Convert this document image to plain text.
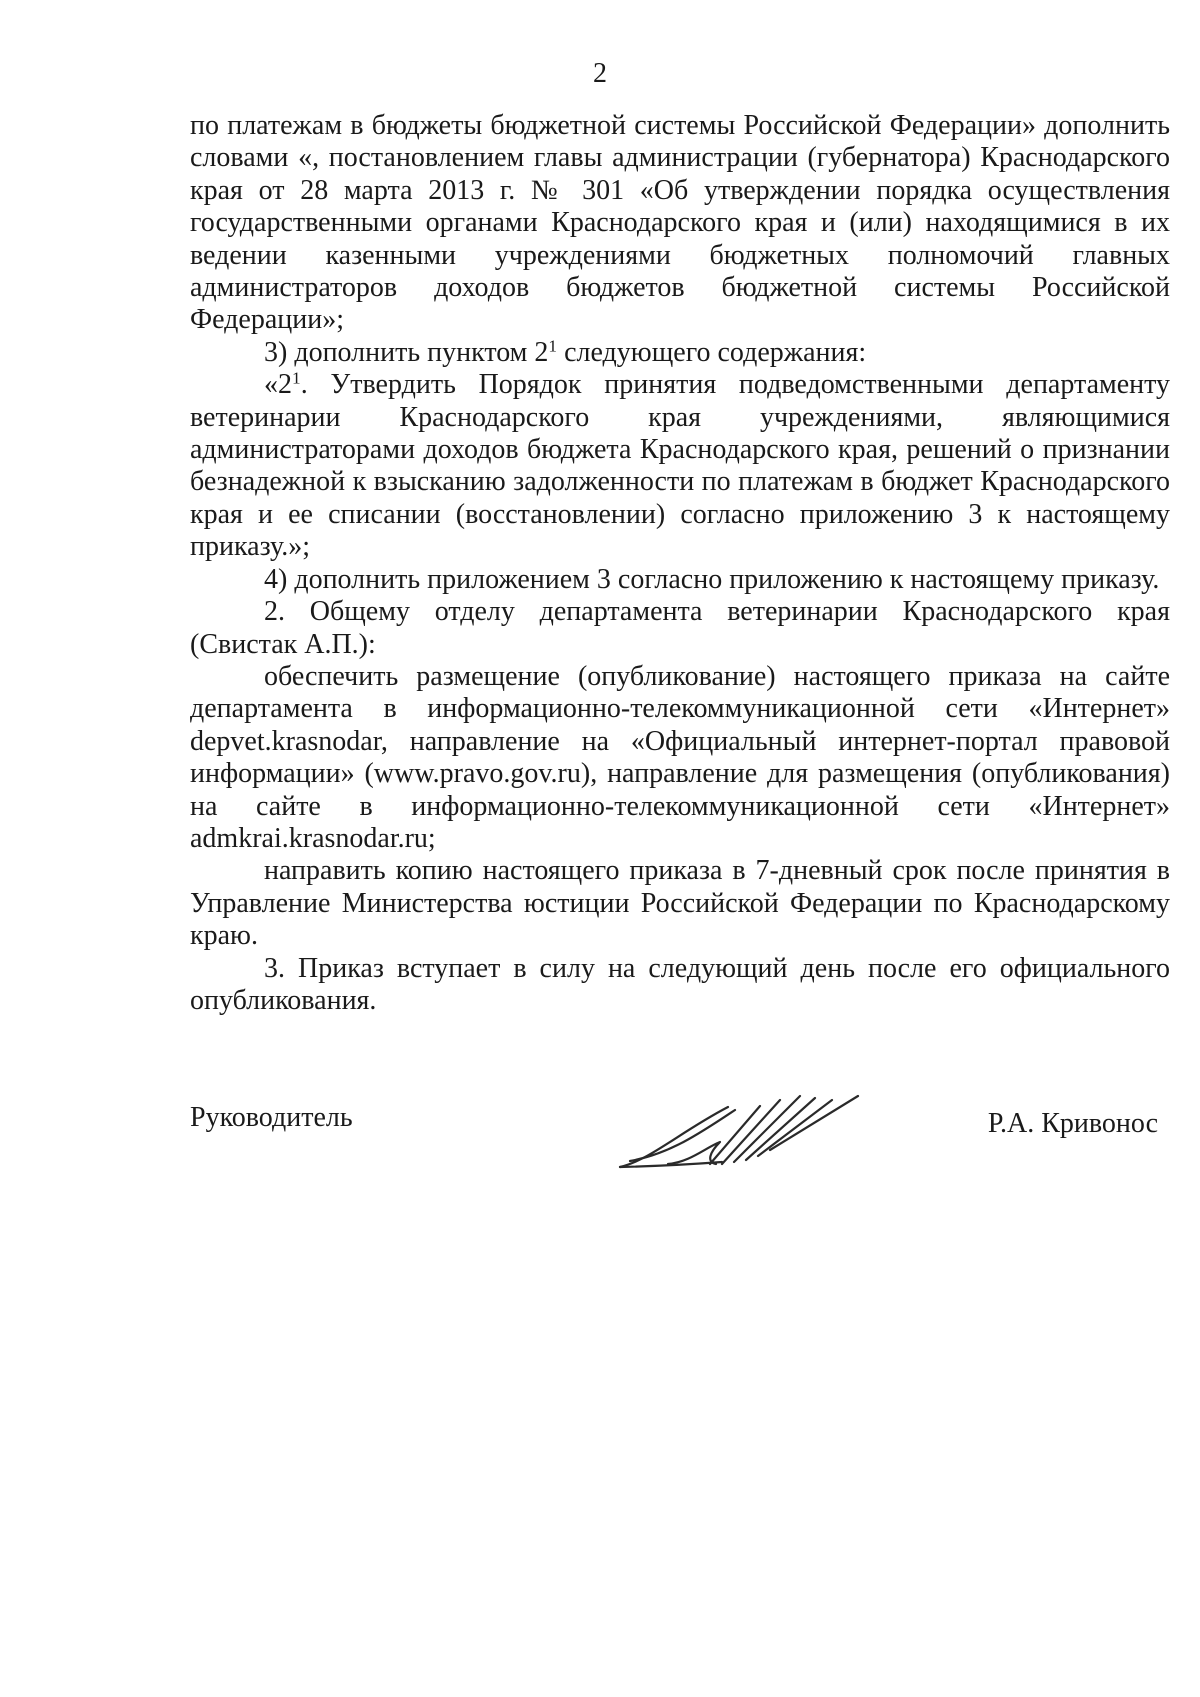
2

по платежам в бюджеты бюджетной системы Российской Федерации» дополнить словами «, постановлением главы администрации (губернатора) Краснодарского края от 28 марта 2013 г. № 301 «Об утверждении порядка осуществления государственными органами Краснодарского края и (или) находящимися в их ведении казенными учреждениями бюджетных полномочий главных администраторов доходов бюджетов бюджетной системы Российской Федерации»;

3) дополнить пунктом $2^1$ следующего содержания:

«$2^1$. Утвердить Порядок принятия подведомственными департаменту ветеринарии Краснодарского края учреждениями, являющимися администраторами доходов бюджета Краснодарского края, решений о признании безнадежной к взысканию задолженности по платежам в бюджет Краснодарского края и ее списании (восстановлении) согласно приложению 3 к настоящему приказу.»;

4) дополнить приложением 3 согласно приложению к настоящему приказу.

2. Общему отделу департамента ветеринарии Краснодарского края (Свистак А.П.):

обеспечить размещение (опубликование) настоящего приказа на сайте департамента в информационно-телекоммуникационной сети «Интернет» depvet.krasnodar, направление на «Официальный интернет-портал правовой информации» (www.pravo.gov.ru), направление для размещения (опубликования) на сайте в информационно-телекоммуникационной сети «Интернет» admkrai.krasnodar.ru;

направить копию настоящего приказа в 7-дневный срок после принятия в Управление Министерства юстиции Российской Федерации по Краснодарскому краю.

3. Приказ вступает в силу на следующий день после его официального опубликования.

Руководитель	Р.А. Кривонос
